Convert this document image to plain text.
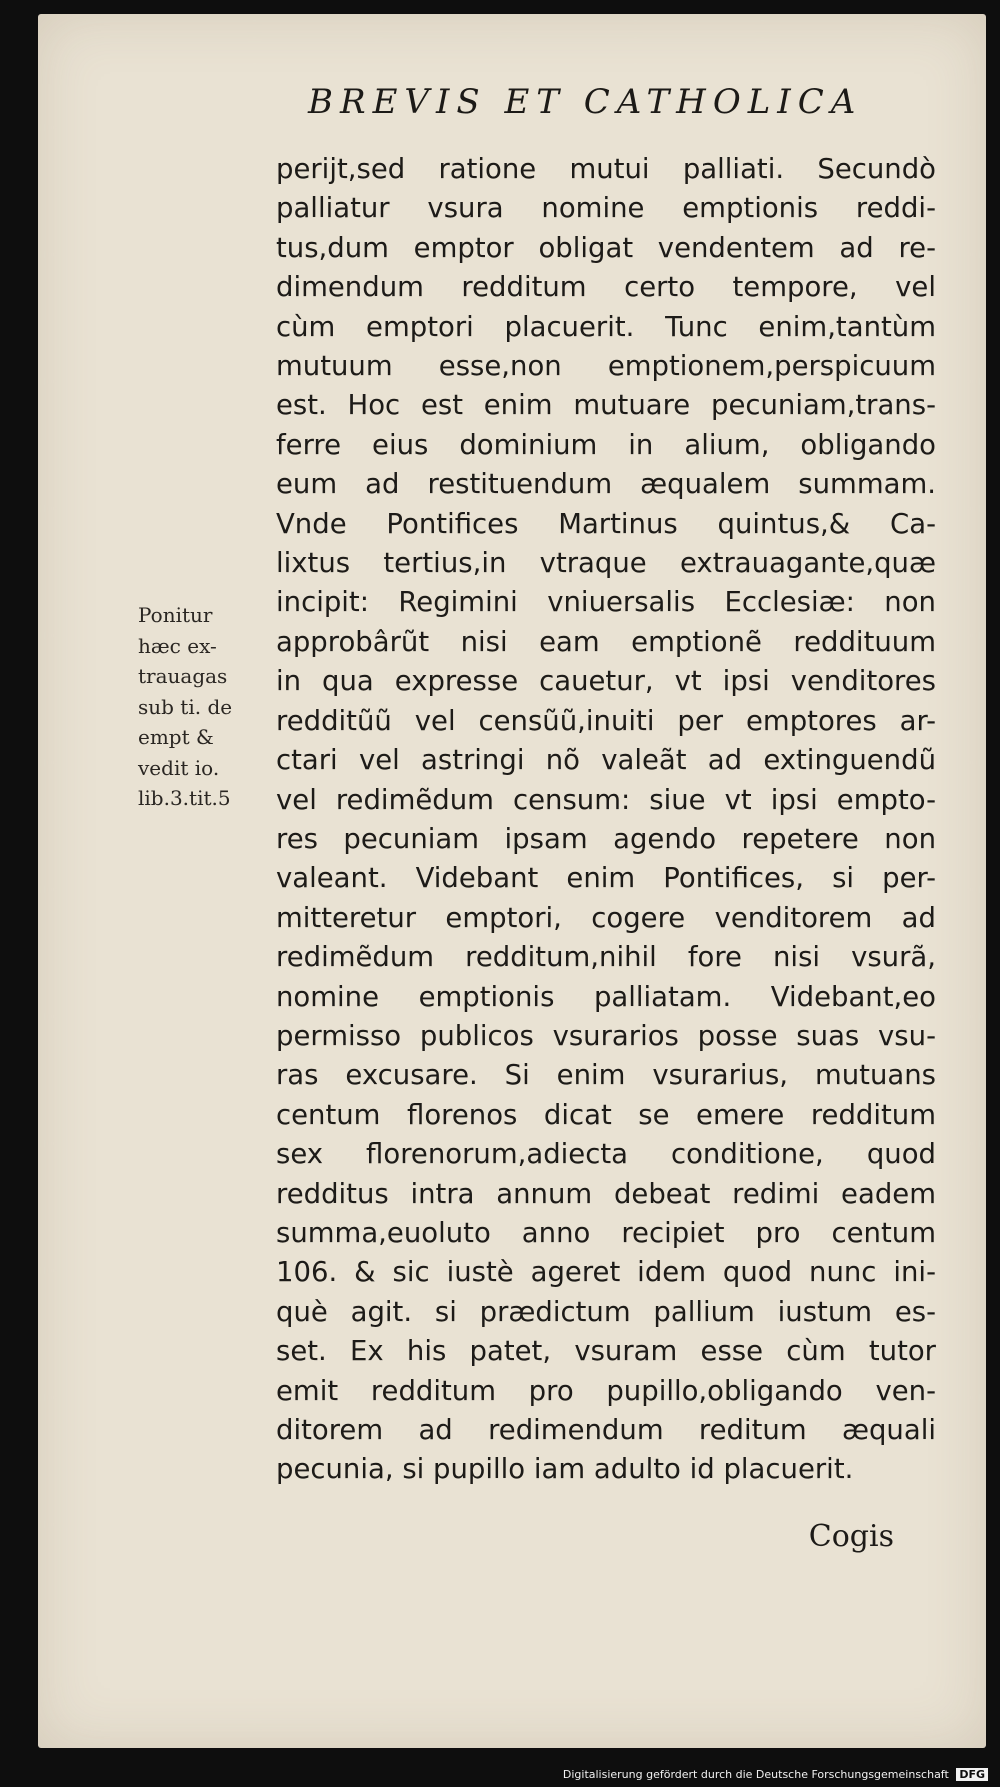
BREVIS ET CATHOLICA
Ponitur
hæc ex-
trauagas
sub ti. de
empt &
vedit io.
lib.3.tit.5
perijt,sed ratione mutui palliati. Secundò
palliatur vsura nomine emptionis reddi-
tus,dum emptor obligat vendentem ad re-
dimendum redditum certo tempore, vel
cùm emptori placuerit. Tunc enim,tantùm
mutuum esse,non emptionem,perspicuum
est. Hoc est enim mutuare pecuniam,trans-
ferre eius dominium in alium, obligando
eum ad restituendum æqualem summam.
Vnde Pontifices Martinus quintus,& Ca-
lixtus tertius,in vtraque extrauagante,quæ
incipit: Regimini vniuersalis Ecclesiæ: non
approbârũt nisi eam emptionẽ reddituum
in qua expresse cauetur, vt ipsi venditores
redditũũ vel censũũ,inuiti per emptores ar-
ctari vel astringi nõ valeãt ad extinguendũ
vel redimẽdum censum: siue vt ipsi empto-
res pecuniam ipsam agendo repetere non
valeant. Videbant enim Pontifices, si per-
mitteretur emptori, cogere venditorem ad
redimẽdum redditum,nihil fore nisi vsurã,
nomine emptionis palliatam. Videbant,eo
permisso publicos vsurarios posse suas vsu-
ras excusare. Si enim vsurarius, mutuans
centum florenos dicat se emere redditum
sex florenorum,adiecta conditione, quod
redditus intra annum debeat redimi eadem
summa,euoluto anno recipiet pro centum
106. & sic iustè ageret idem quod nunc ini-
què agit. si prædictum pallium iustum es-
set. Ex his patet, vsuram esse cùm tutor
emit redditum pro pupillo,obligando ven-
ditorem ad redimendum reditum æquali
pecunia, si pupillo iam adulto id placuerit.
Cogis
Digitalisierung gefördert durch die Deutsche Forschungsgemeinschaft DFG
